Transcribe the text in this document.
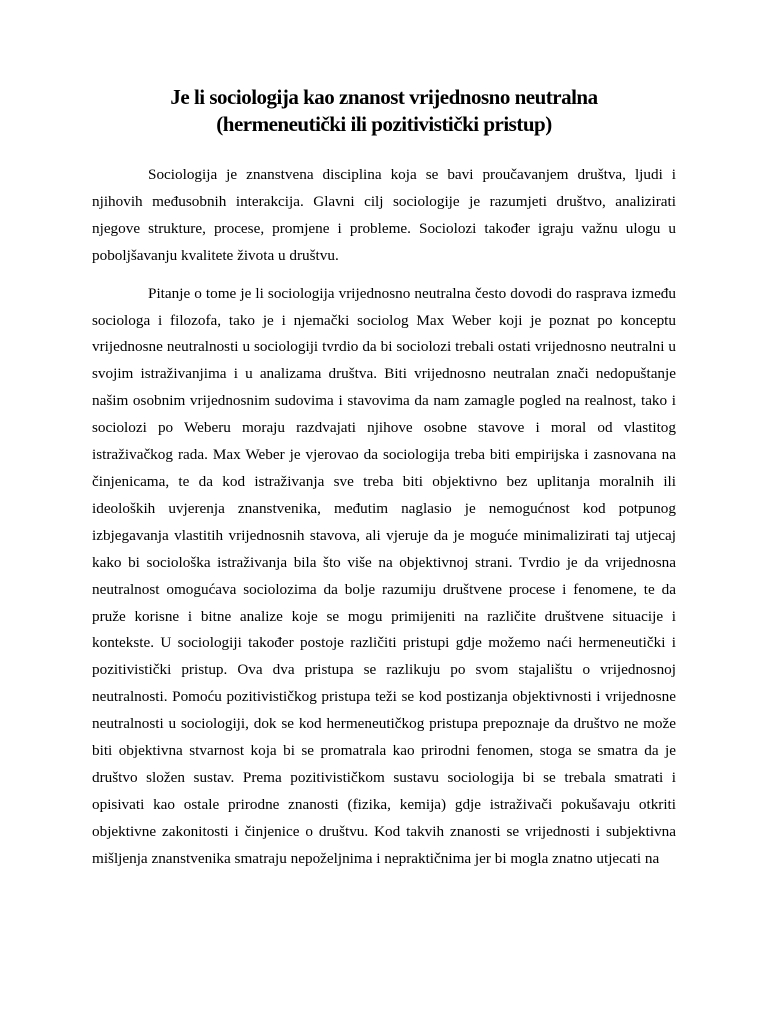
Je li sociologija kao znanost vrijednosno neutralna
(hermeneutički ili pozitivistički pristup)

Sociologija je znanstvena disciplina koja se bavi proučavanjem društva, ljudi i njihovih međusobnih interakcija. Glavni cilj sociologije je razumjeti društvo, analizirati njegove strukture, procese, promjene i probleme. Sociolozi također igraju važnu ulogu u poboljšavanju kvalitete života u društvu.

Pitanje o tome je li sociologija vrijednosno neutralna često dovodi do rasprava između sociologa i filozofa, tako je i njemački sociolog Max Weber koji je poznat po konceptu vrijednosne neutralnosti u sociologiji tvrdio da bi sociolozi trebali ostati vrijednosno neutralni u svojim istraživanjima i u analizama društva. Biti vrijednosno neutralan znači nedopuštanje našim osobnim vrijednosnim sudovima i stavovima da nam zamagle pogled na realnost, tako i sociolozi po Weberu moraju razdvajati njihove osobne stavove i moral od vlastitog istraživačkog rada. Max Weber je vjerovao da sociologija treba biti empirijska i zasnovana na činjenicama, te da kod istraživanja sve treba biti objektivno bez uplitanja moralnih ili ideoloških uvjerenja znanstvenika, međutim naglasio je nemogućnost kod potpunog izbjegavanja vlastitih vrijednosnih stavova, ali vjeruje da je moguće minimalizirati taj utjecaj kako bi sociološka istraživanja bila što više na objektivnoj strani. Tvrdio je da vrijednosna neutralnost omogućava sociolozima da bolje razumiju društvene procese i fenomene, te da pruže korisne i bitne analize koje se mogu primijeniti na različite društvene situacije i kontekste. U sociologiji također postoje različiti pristupi gdje možemo naći hermeneutički i pozitivistički pristup. Ova dva pristupa se razlikuju po svom stajalištu o vrijednosnoj neutralnosti. Pomoću pozitivističkog pristupa teži se kod postizanja objektivnosti i vrijednosne neutralnosti u sociologiji, dok se kod hermeneutičkog pristupa prepoznaje da društvo ne može biti objektivna stvarnost koja bi se promatrala kao prirodni fenomen, stoga se smatra da je društvo složen sustav. Prema pozitivističkom sustavu sociologija bi se trebala smatrati i opisivati kao ostale prirodne znanosti (fizika, kemija) gdje istraživači pokušavaju otkriti objektivne zakonitosti i činjenice o društvu. Kod takvih znanosti se vrijednosti i subjektivna mišljenja znanstvenika smatraju nepoželjnima i nepraktičnima jer bi mogla znatno utjecati na
